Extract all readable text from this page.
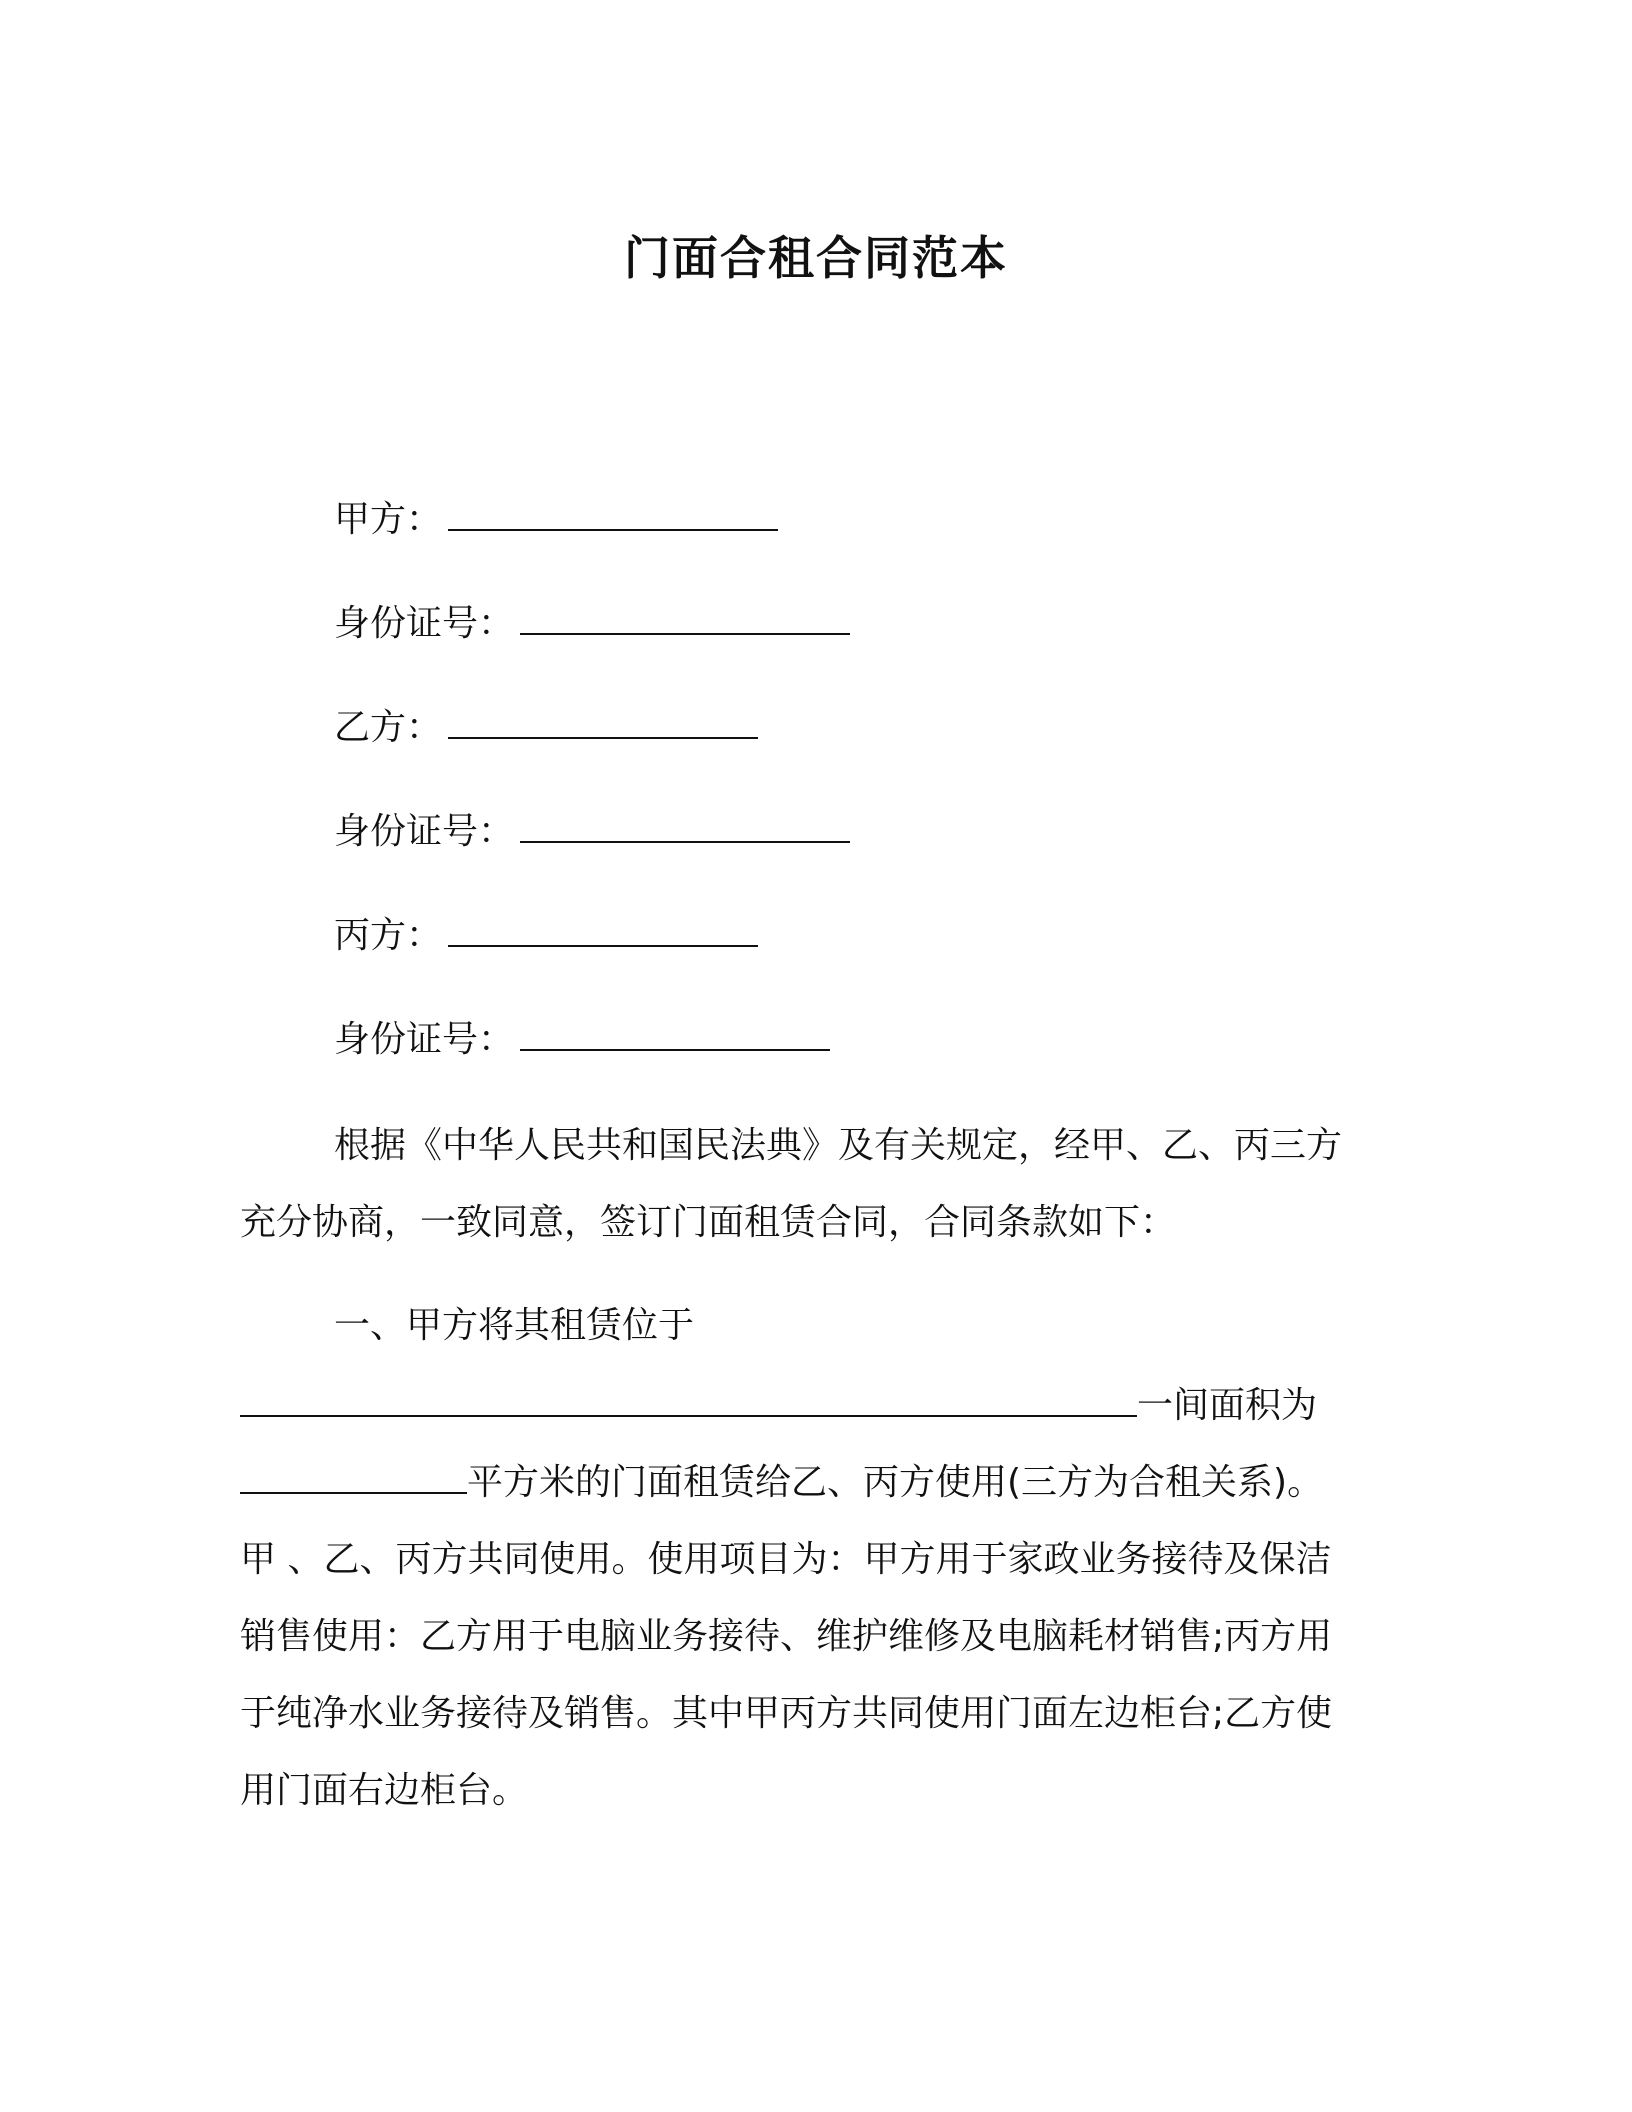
门面合租合同范本
甲方：
身份证号：
乙方：
身份证号：
丙方：
身份证号：
根据《中华人民共和国民法典》及有关规定，经甲、乙、丙三方
充分协商，一致同意，签订门面租赁合同，合同条款如下：
一、甲方将其租赁位于
一间面积为
平方米的门面租赁给乙、丙方使用(三方为合租关系)。
甲 、乙、丙方共同使用。使用项目为：甲方用于家政业务接待及保洁
销售使用：乙方用于电脑业务接待、维护维修及电脑耗材销售;丙方用
于纯净水业务接待及销售。其中甲丙方共同使用门面左边柜台;乙方使
用门面右边柜台。
